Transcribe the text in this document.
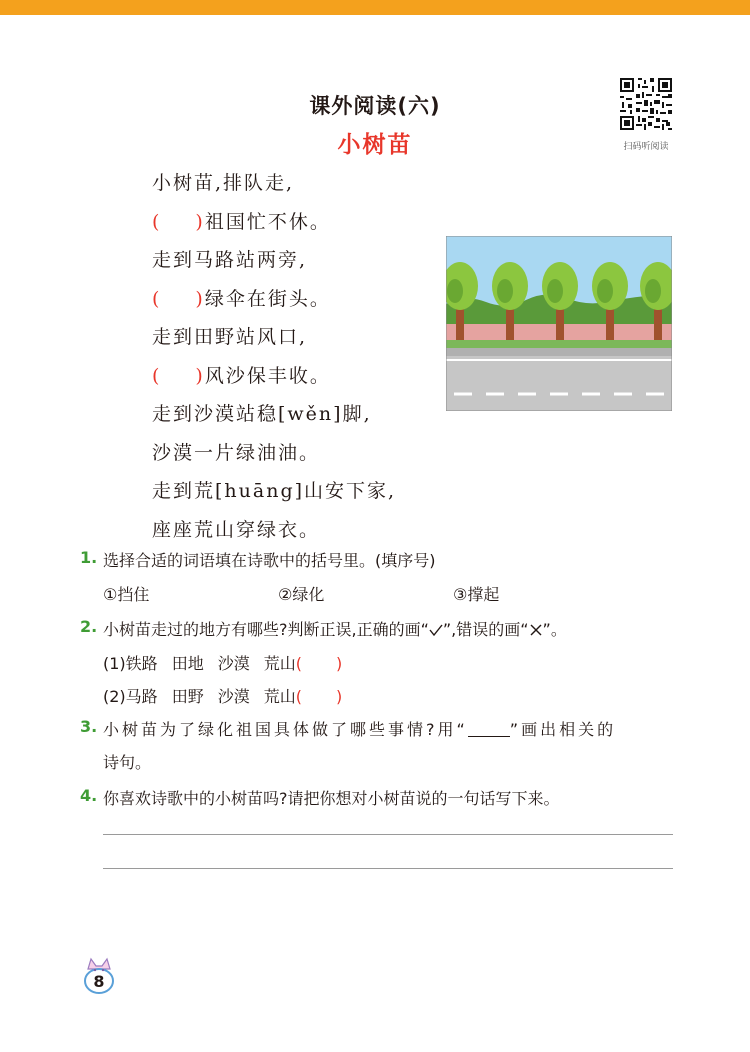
课外阅读(六)
小树苗	扫码听阅读
小树苗,排队走,
( )祖国忙不休。
走到马路站两旁,
( )绿伞在街头。
走到田野站风口,
( )风沙保丰收。
走到沙漠站稳[wěn]脚,
沙漠一片绿油油。
走到荒[huāng]山安下家,
座座荒山穿绿衣。
1. 选择合适的词语填在诗歌中的括号里。(填序号)
①挡住	②绿化	③撑起
2. 小树苗走过的地方有哪些?判断正误,正确的画“ ”,错误的画“ ”。
(1)铁路 田地 沙漠 荒山( )
(2)马路 田野 沙漠 荒山( )
3. 小树苗为了绿化祖国具体做了哪些事情?用“	”画出相关的
诗句。
4. 你喜欢诗歌中的小树苗吗?请把你想对小树苗说的一句话写下来。
8
